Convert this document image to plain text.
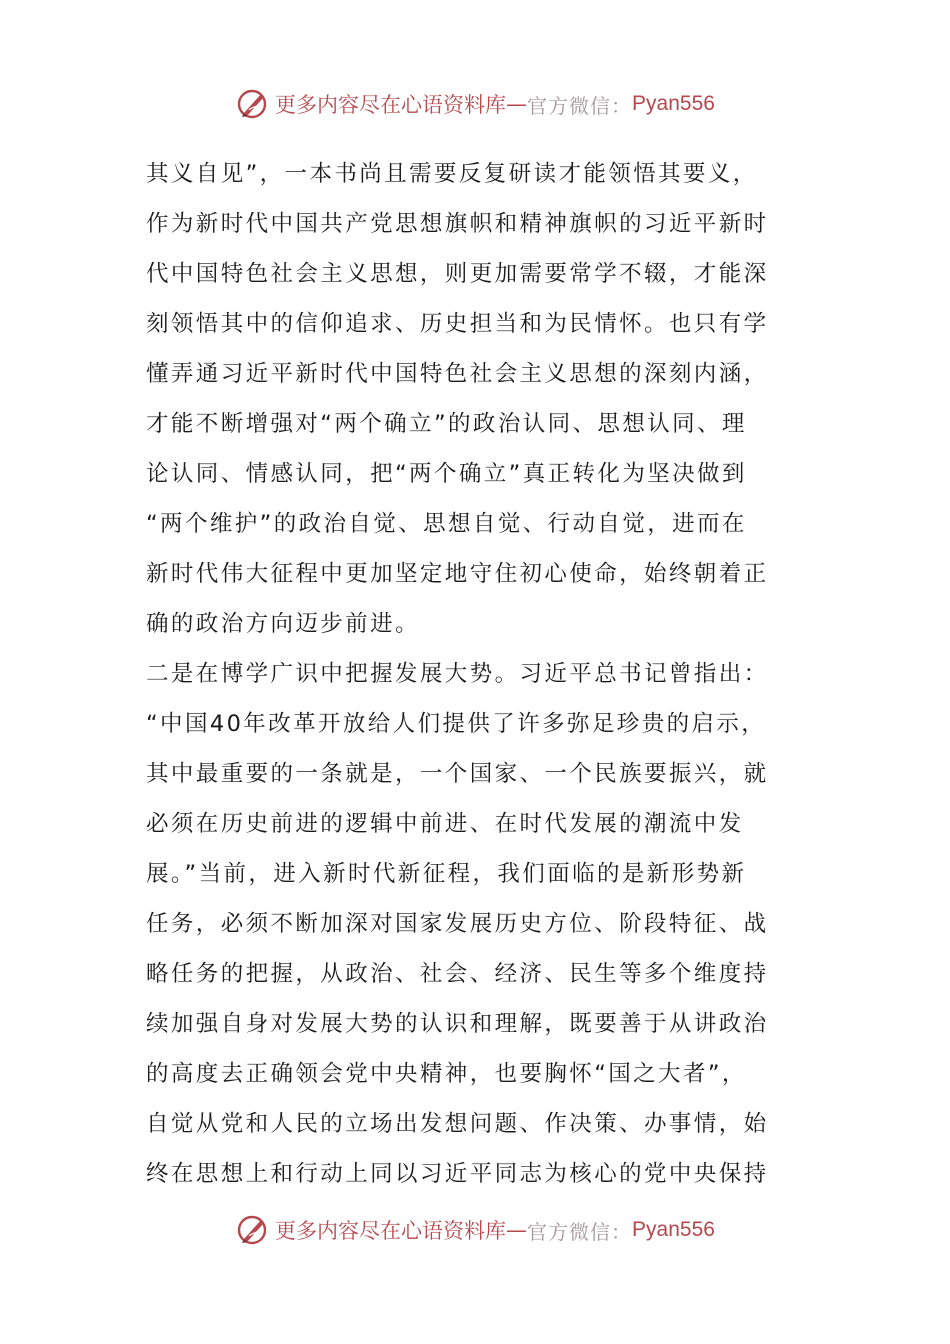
更多内容尽在心语资料库 — 官方微信： Pyan556
其义自见”，一本书尚且需要反复研读才能领悟其要义，
作为新时代中国共产党思想旗帜和精神旗帜的习近平新时
代中国特色社会主义思想，则更加需要常学不辍，才能深
刻领悟其中的信仰追求、历史担当和为民情怀。也只有学
懂弄通习近平新时代中国特色社会主义思想的深刻内涵，
才能不断增强对“两个确立”的政治认同、思想认同、理
论认同、情感认同，把“两个确立”真正转化为坚决做到
“两个维护”的政治自觉、思想自觉、行动自觉，进而在
新时代伟大征程中更加坚定地守住初心使命，始终朝着正
确的政治方向迈步前进。
二是在博学广识中把握发展大势。习近平总书记曾指出：
“中国40年改革开放给人们提供了许多弥足珍贵的启示，
其中最重要的一条就是，一个国家、一个民族要振兴，就
必须在历史前进的逻辑中前进、在时代发展的潮流中发
展。”当前，进入新时代新征程，我们面临的是新形势新
任务，必须不断加深对国家发展历史方位、阶段特征、战
略任务的把握，从政治、社会、经济、民生等多个维度持
续加强自身对发展大势的认识和理解，既要善于从讲政治
的高度去正确领会党中央精神，也要胸怀“国之大者”，
自觉从党和人民的立场出发想问题、作决策、办事情，始
终在思想上和行动上同以习近平同志为核心的党中央保持
更多内容尽在心语资料库 — 官方微信： Pyan556
